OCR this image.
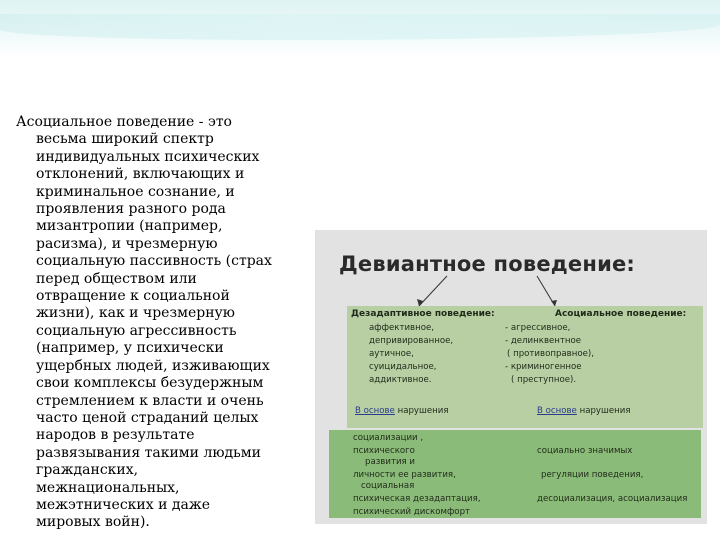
Асоциальное поведение - это
весьма широкий спектр
индивидуальных психических
отклонений, включающих и
криминальное сознание, и
проявления разного рода
мизантропии (например,
расизма), и чрезмерную
социальную пассивность (страх
перед обществом или
отвращение к социальной
жизни), как и чрезмерную
социальную агрессивность
(например, у психически
ущербных людей, изживающих
свои комплексы безудержным
стремлением к власти и очень
часто ценой страданий целых
народов в результате
развязывания такими людьми
гражданских,
межнациональных,
межэтнических и даже
мировых войн).

Девиантное поведение:
Дезадаптивное поведение:	Асоциальное поведение:
аффективное,
депривированное,
аутичное,
суицидальное,
аддиктивное.
- агрессивное,
- делинквентное
( противоправное),
- криминогенное
( преступное).
В основе нарушения	В основе нарушения
социализации ,
психического
развития и
личности ее развития,
социальная
психическая дезадаптация,
психический дискомфорт
социально значимых
регуляции поведения,
десоциализация, асоциализация
